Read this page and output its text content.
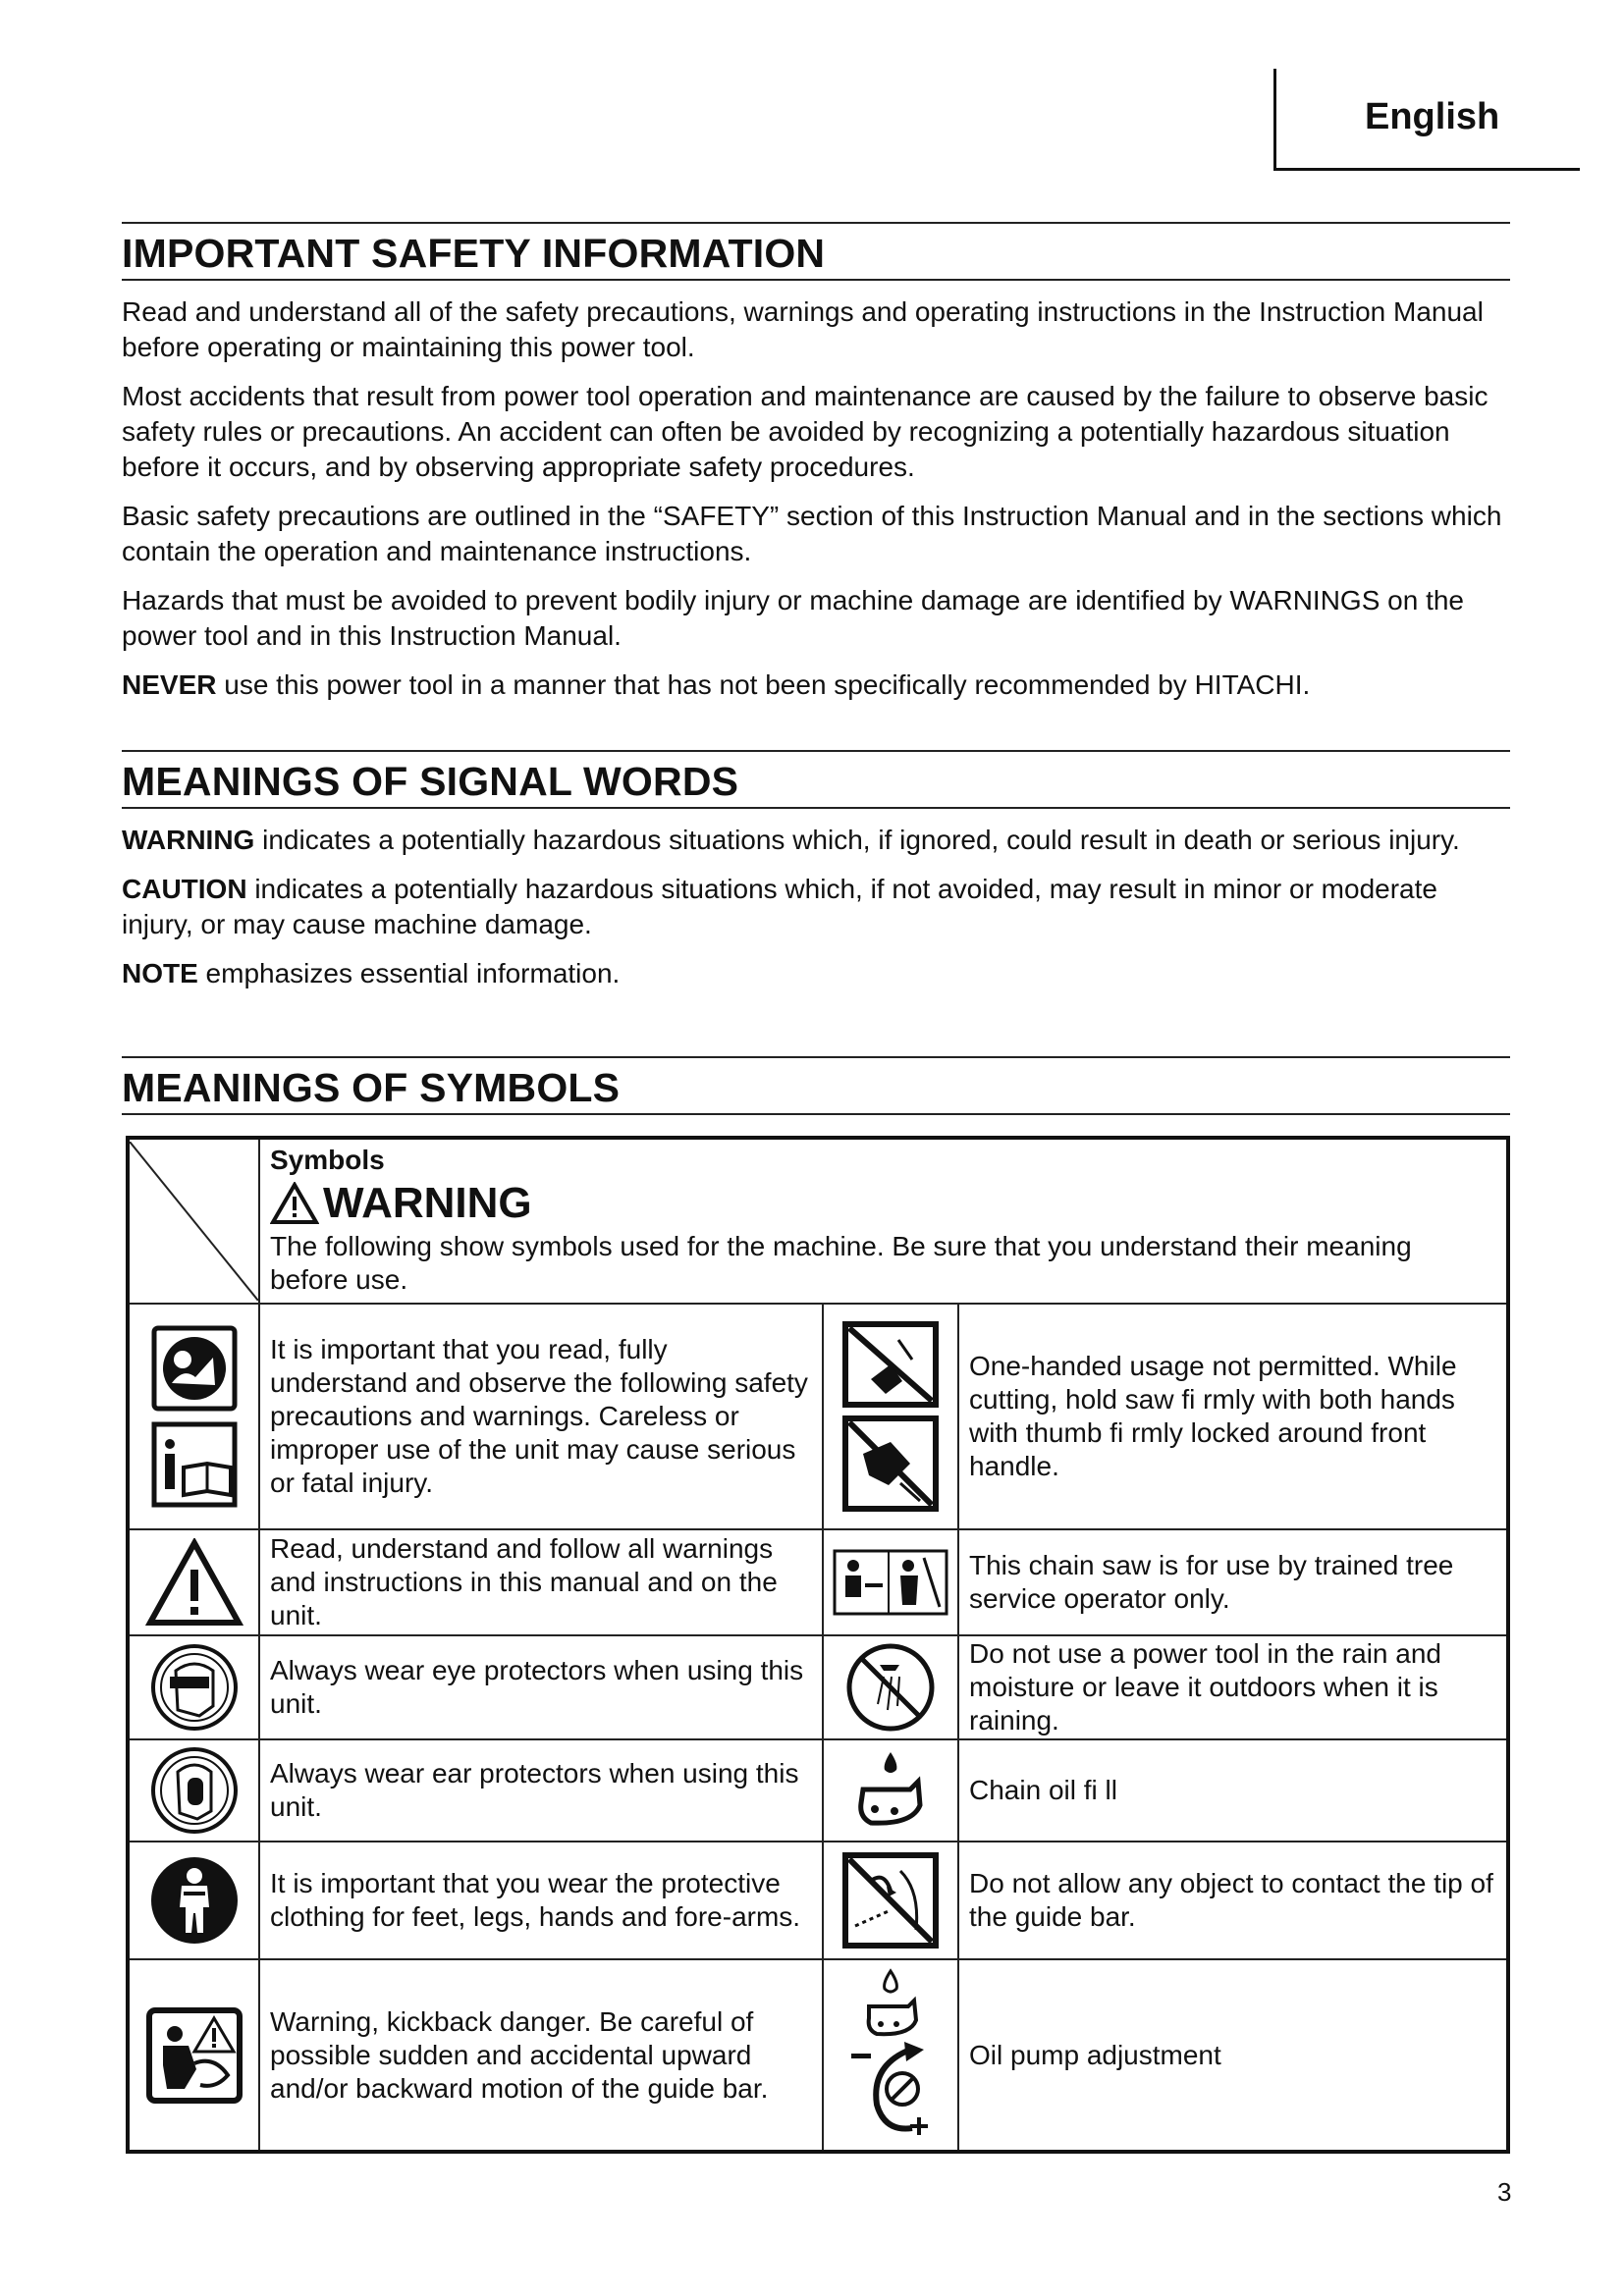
English
IMPORTANT SAFETY INFORMATION

Read and understand all of the safety precautions, warnings and operating instructions in the Instruction Manual before operating or maintaining this power tool.

Most accidents that result from power tool operation and maintenance are caused by the failure to observe basic safety rules or precautions. An accident can often be avoided by recognizing a potentially hazardous situation before it occurs, and by observing appropriate safety procedures.

Basic safety precautions are outlined in the “SAFETY” section of this Instruction Manual and in the sections which contain the operation and maintenance instructions.

Hazards that must be avoided to prevent bodily injury or machine damage are identified by WARNINGS on the power tool and in this Instruction Manual.

NEVER use this power tool in a manner that has not been specifically recommended by HITACHI.

MEANINGS OF SIGNAL WORDS

WARNING indicates a potentially hazardous situations which, if ignored, could result in death or serious injury.

CAUTION indicates a potentially hazardous situations which, if not avoided, may result in minor or moderate injury, or may cause machine damage.

NOTE emphasizes essential information.

MEANINGS OF SYMBOLS

Symbols
WARNING
The following show symbols used for the machine. Be sure that you understand their meaning before use.		

	It is important that you read, fully understand and observe the following safety precautions and warnings. Careless or improper use of the unit may cause serious or fatal injury.		One-handed usage not permitted. While cutting, hold saw fi rmly with both hands with thumb fi rmly locked around front handle.
	Read, understand and follow all warnings and instructions in this manual and on the unit.		This chain saw is for use by trained tree service operator only.
	Always wear eye protectors when using this unit.		Do not use a power tool in the rain and moisture or leave it outdoors when it is raining.
	Always wear ear protectors when using this unit.		Chain oil fi ll
	It is important that you wear the protective clothing for feet, legs, hands and fore-arms.		Do not allow any object to contact the tip of the guide bar.
	Warning, kickback danger. Be careful of possible sudden and accidental upward and/or backward motion of the guide bar.		Oil pump adjustment
3
